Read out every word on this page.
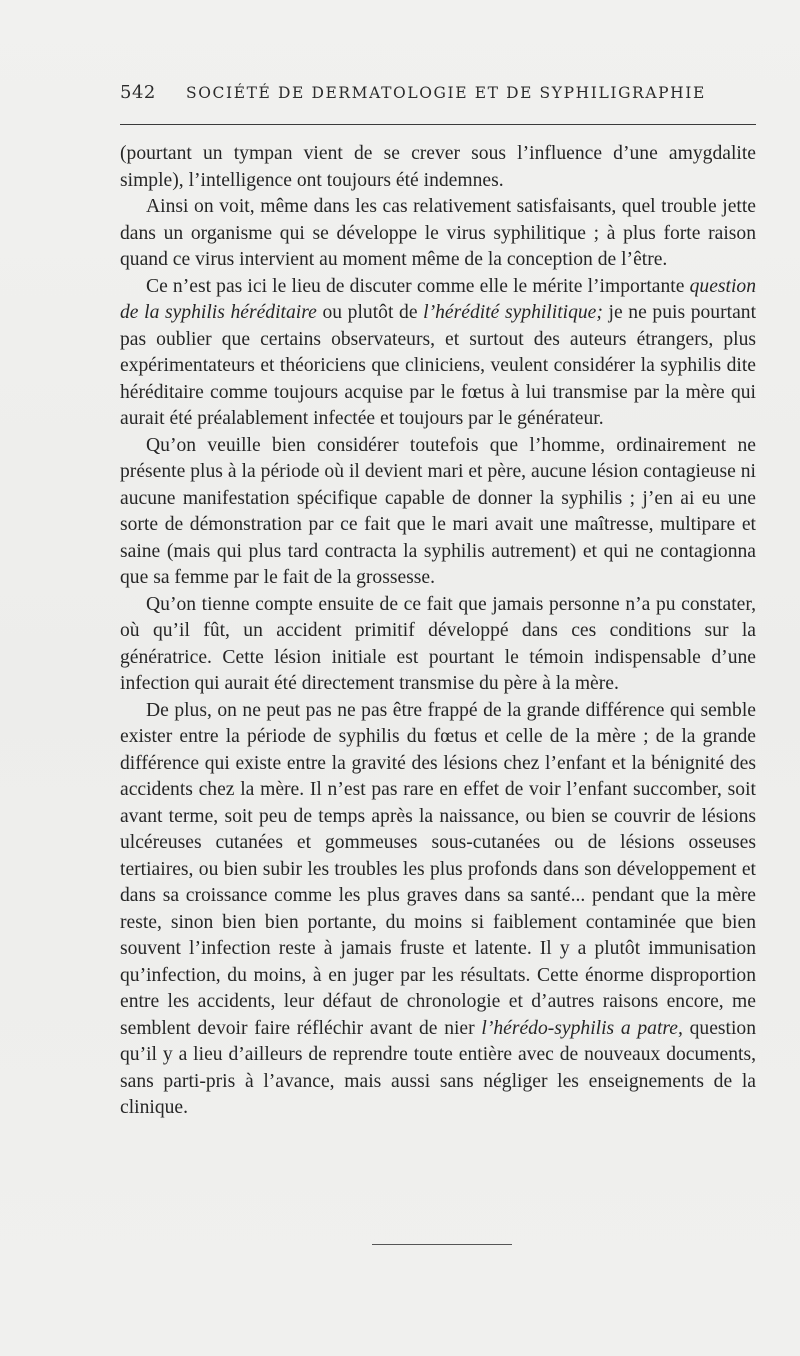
542 SOCIÉTÉ DE DERMATOLOGIE ET DE SYPHILIGRAPHIE

(pourtant un tympan vient de se crever sous l’influence d’une amygdalite simple), l’intelligence ont toujours été indemnes.

Ainsi on voit, même dans les cas relativement satisfaisants, quel trouble jette dans un organisme qui se développe le virus syphilitique ; à plus forte raison quand ce virus intervient au moment même de la conception de l’être.

Ce n’est pas ici le lieu de discuter comme elle le mérite l’importante question de la syphilis héréditaire ou plutôt de l’hérédité syphilitique; je ne puis pourtant pas oublier que certains observateurs, et surtout des auteurs étrangers, plus expérimentateurs et théoriciens que cliniciens, veulent considérer la syphilis dite héréditaire comme toujours acquise par le fœtus à lui transmise par la mère qui aurait été préalablement infectée et toujours par le générateur.

Qu’on veuille bien considérer toutefois que l’homme, ordinairement ne présente plus à la période où il devient mari et père, aucune lésion contagieuse ni aucune manifestation spécifique capable de donner la syphilis ; j’en ai eu une sorte de démonstration par ce fait que le mari avait une maîtresse, multipare et saine (mais qui plus tard contracta la syphilis autrement) et qui ne contagionna que sa femme par le fait de la grossesse.

Qu’on tienne compte ensuite de ce fait que jamais personne n’a pu constater, où qu’il fût, un accident primitif développé dans ces conditions sur la génératrice. Cette lésion initiale est pourtant le témoin indispensable d’une infection qui aurait été directement transmise du père à la mère.

De plus, on ne peut pas ne pas être frappé de la grande différence qui semble exister entre la période de syphilis du fœtus et celle de la mère ; de la grande différence qui existe entre la gravité des lésions chez l’enfant et la bénignité des accidents chez la mère. Il n’est pas rare en effet de voir l’enfant succomber, soit avant terme, soit peu de temps après la naissance, ou bien se couvrir de lésions ulcéreuses cutanées et gommeuses sous-cutanées ou de lésions osseuses tertiaires, ou bien subir les troubles les plus profonds dans son développement et dans sa croissance comme les plus graves dans sa santé... pendant que la mère reste, sinon bien bien portante, du moins si faiblement contaminée que bien souvent l’infection reste à jamais fruste et latente. Il y a plutôt immunisation qu’infection, du moins, à en juger par les résultats. Cette énorme disproportion entre les accidents, leur défaut de chronologie et d’autres raisons encore, me semblent devoir faire réfléchir avant de nier l’hérédo-syphilis a patre, question qu’il y a lieu d’ailleurs de reprendre toute entière avec de nouveaux documents, sans parti-pris à l’avance, mais aussi sans négliger les enseignements de la clinique.
